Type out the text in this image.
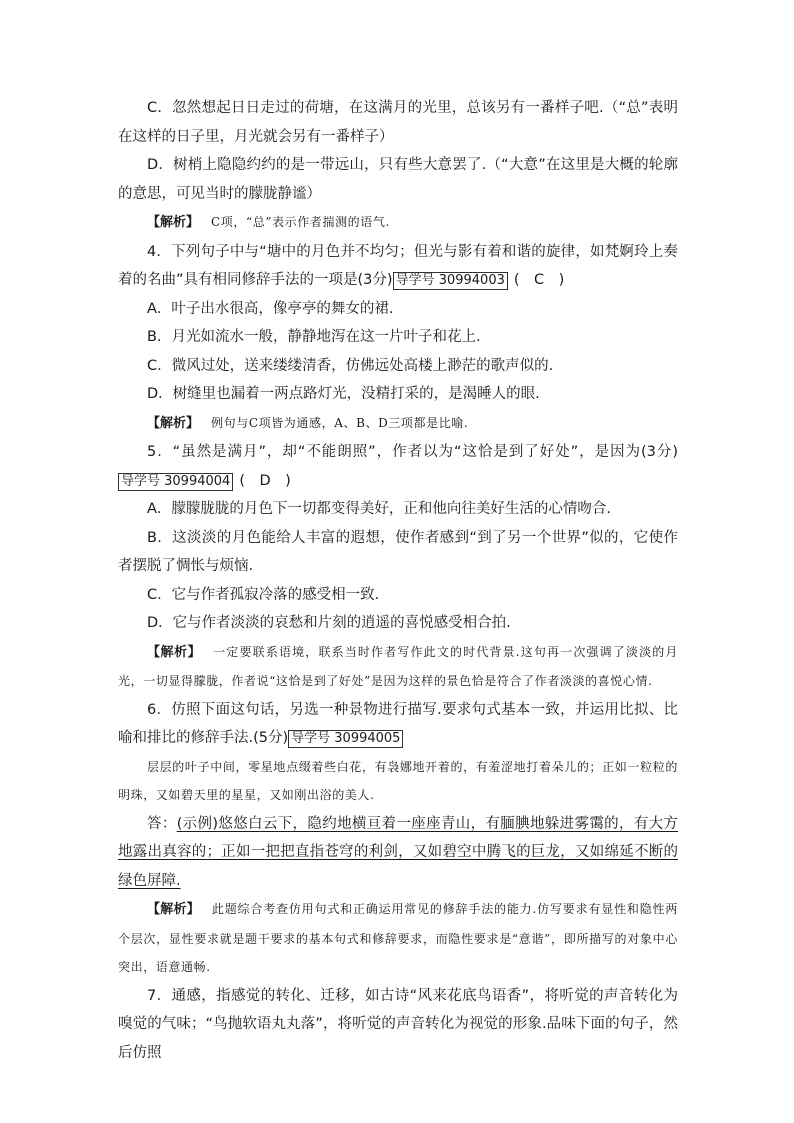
C．忽然想起日日走过的荷塘，在这满月的光里，总该另有一番样子吧.（“总”表明在这样的日子里，月光就会另有一番样子）

D．树梢上隐隐约约的是一带远山，只有些大意罢了.（“大意”在这里是大概的轮廓的意思，可见当时的朦胧静谧）

【解析】 C项，“总”表示作者揣测的语气.

4．下列句子中与“塘中的月色并不均匀；但光与影有着和谐的旋律，如梵婀玲上奏着的名曲”具有相同修辞手法的一项是(3分) 导学号 30994003 (　C　)

A．叶子出水很高，像亭亭的舞女的裙.

B．月光如流水一般，静静地泻在这一片叶子和花上.

C．微风过处，送来缕缕清香，仿佛远处高楼上渺茫的歌声似的.

D．树缝里也漏着一两点路灯光，没精打采的，是渴睡人的眼.

【解析】 例句与C项皆为通感，A、B、D三项都是比喻.

5．“虽然是满月”，却“不能朗照”，作者以为“这恰是到了好处”，是因为(3分)导学号 30994004 (　D　)

A．朦朦胧胧的月色下一切都变得美好，正和他向往美好生活的心情吻合.

B．这淡淡的月色能给人丰富的遐想，使作者感到“到了另一个世界”似的，它使作者摆脱了惆怅与烦恼.

C．它与作者孤寂冷落的感受相一致.

D．它与作者淡淡的哀愁和片刻的逍遥的喜悦感受相合拍.

【解析】 一定要联系语境，联系当时作者写作此文的时代背景.这句再一次强调了淡淡的月光，一切显得朦胧，作者说“这恰是到了好处”是因为这样的景色恰是符合了作者淡淡的喜悦心情.

6．仿照下面这句话，另选一种景物进行描写.要求句式基本一致，并运用比拟、比喻和排比的修辞手法.(5分) 导学号 30994005

层层的叶子中间，零星地点缀着些白花，有袅娜地开着的，有羞涩地打着朵儿的；正如一粒粒的明珠，又如碧天里的星星，又如刚出浴的美人.

答：(示例)悠悠白云下，隐约地横亘着一座座青山，有腼腆地躲进雾霭的，有大方地露出真容的；正如一把把直指苍穹的利剑，又如碧空中腾飞的巨龙，又如绵延不断的绿色屏障.

【解析】 此题综合考查仿用句式和正确运用常见的修辞手法的能力.仿写要求有显性和隐性两个层次，显性要求就是题干要求的基本句式和修辞要求，而隐性要求是“意谐”，即所描写的对象中心突出，语意通畅.

7．通感，指感觉的转化、迁移，如古诗“风来花底鸟语香”，将听觉的声音转化为嗅觉的气味；“鸟抛软语丸丸落”，将听觉的声音转化为视觉的形象.品味下面的句子，然后仿照
